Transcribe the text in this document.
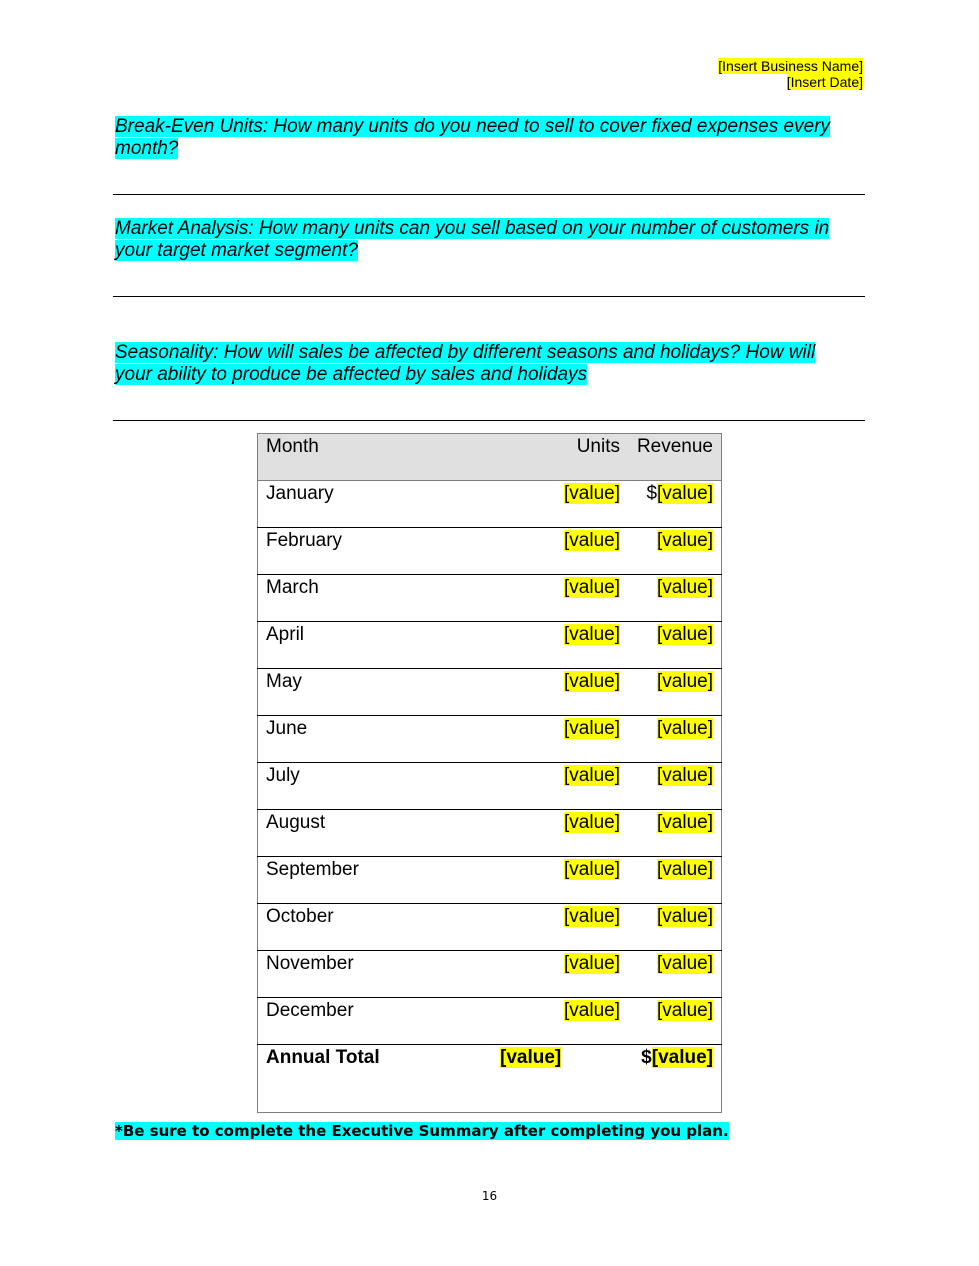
[Insert Business Name]
[Insert Date]
Break-Even Units: How many units do you need to sell to cover fixed expenses every month?
Market Analysis: How many units can you sell based on your number of customers in your target market segment?
Seasonality: How will sales be affected by different seasons and holidays? How will your ability to produce be affected by sales and holidays
Month	Units	Revenue
January	[value]	$[value]
February	[value]	[value]
March	[value]	[value]
April	[value]	[value]
May	[value]	[value]
June	[value]	[value]
July	[value]	[value]
August	[value]	[value]
September	[value]	[value]
October	[value]	[value]
November	[value]	[value]
December	[value]	[value]
Annual Total	[value]	$[value]
*Be sure to complete the Executive Summary after completing you plan.
16
